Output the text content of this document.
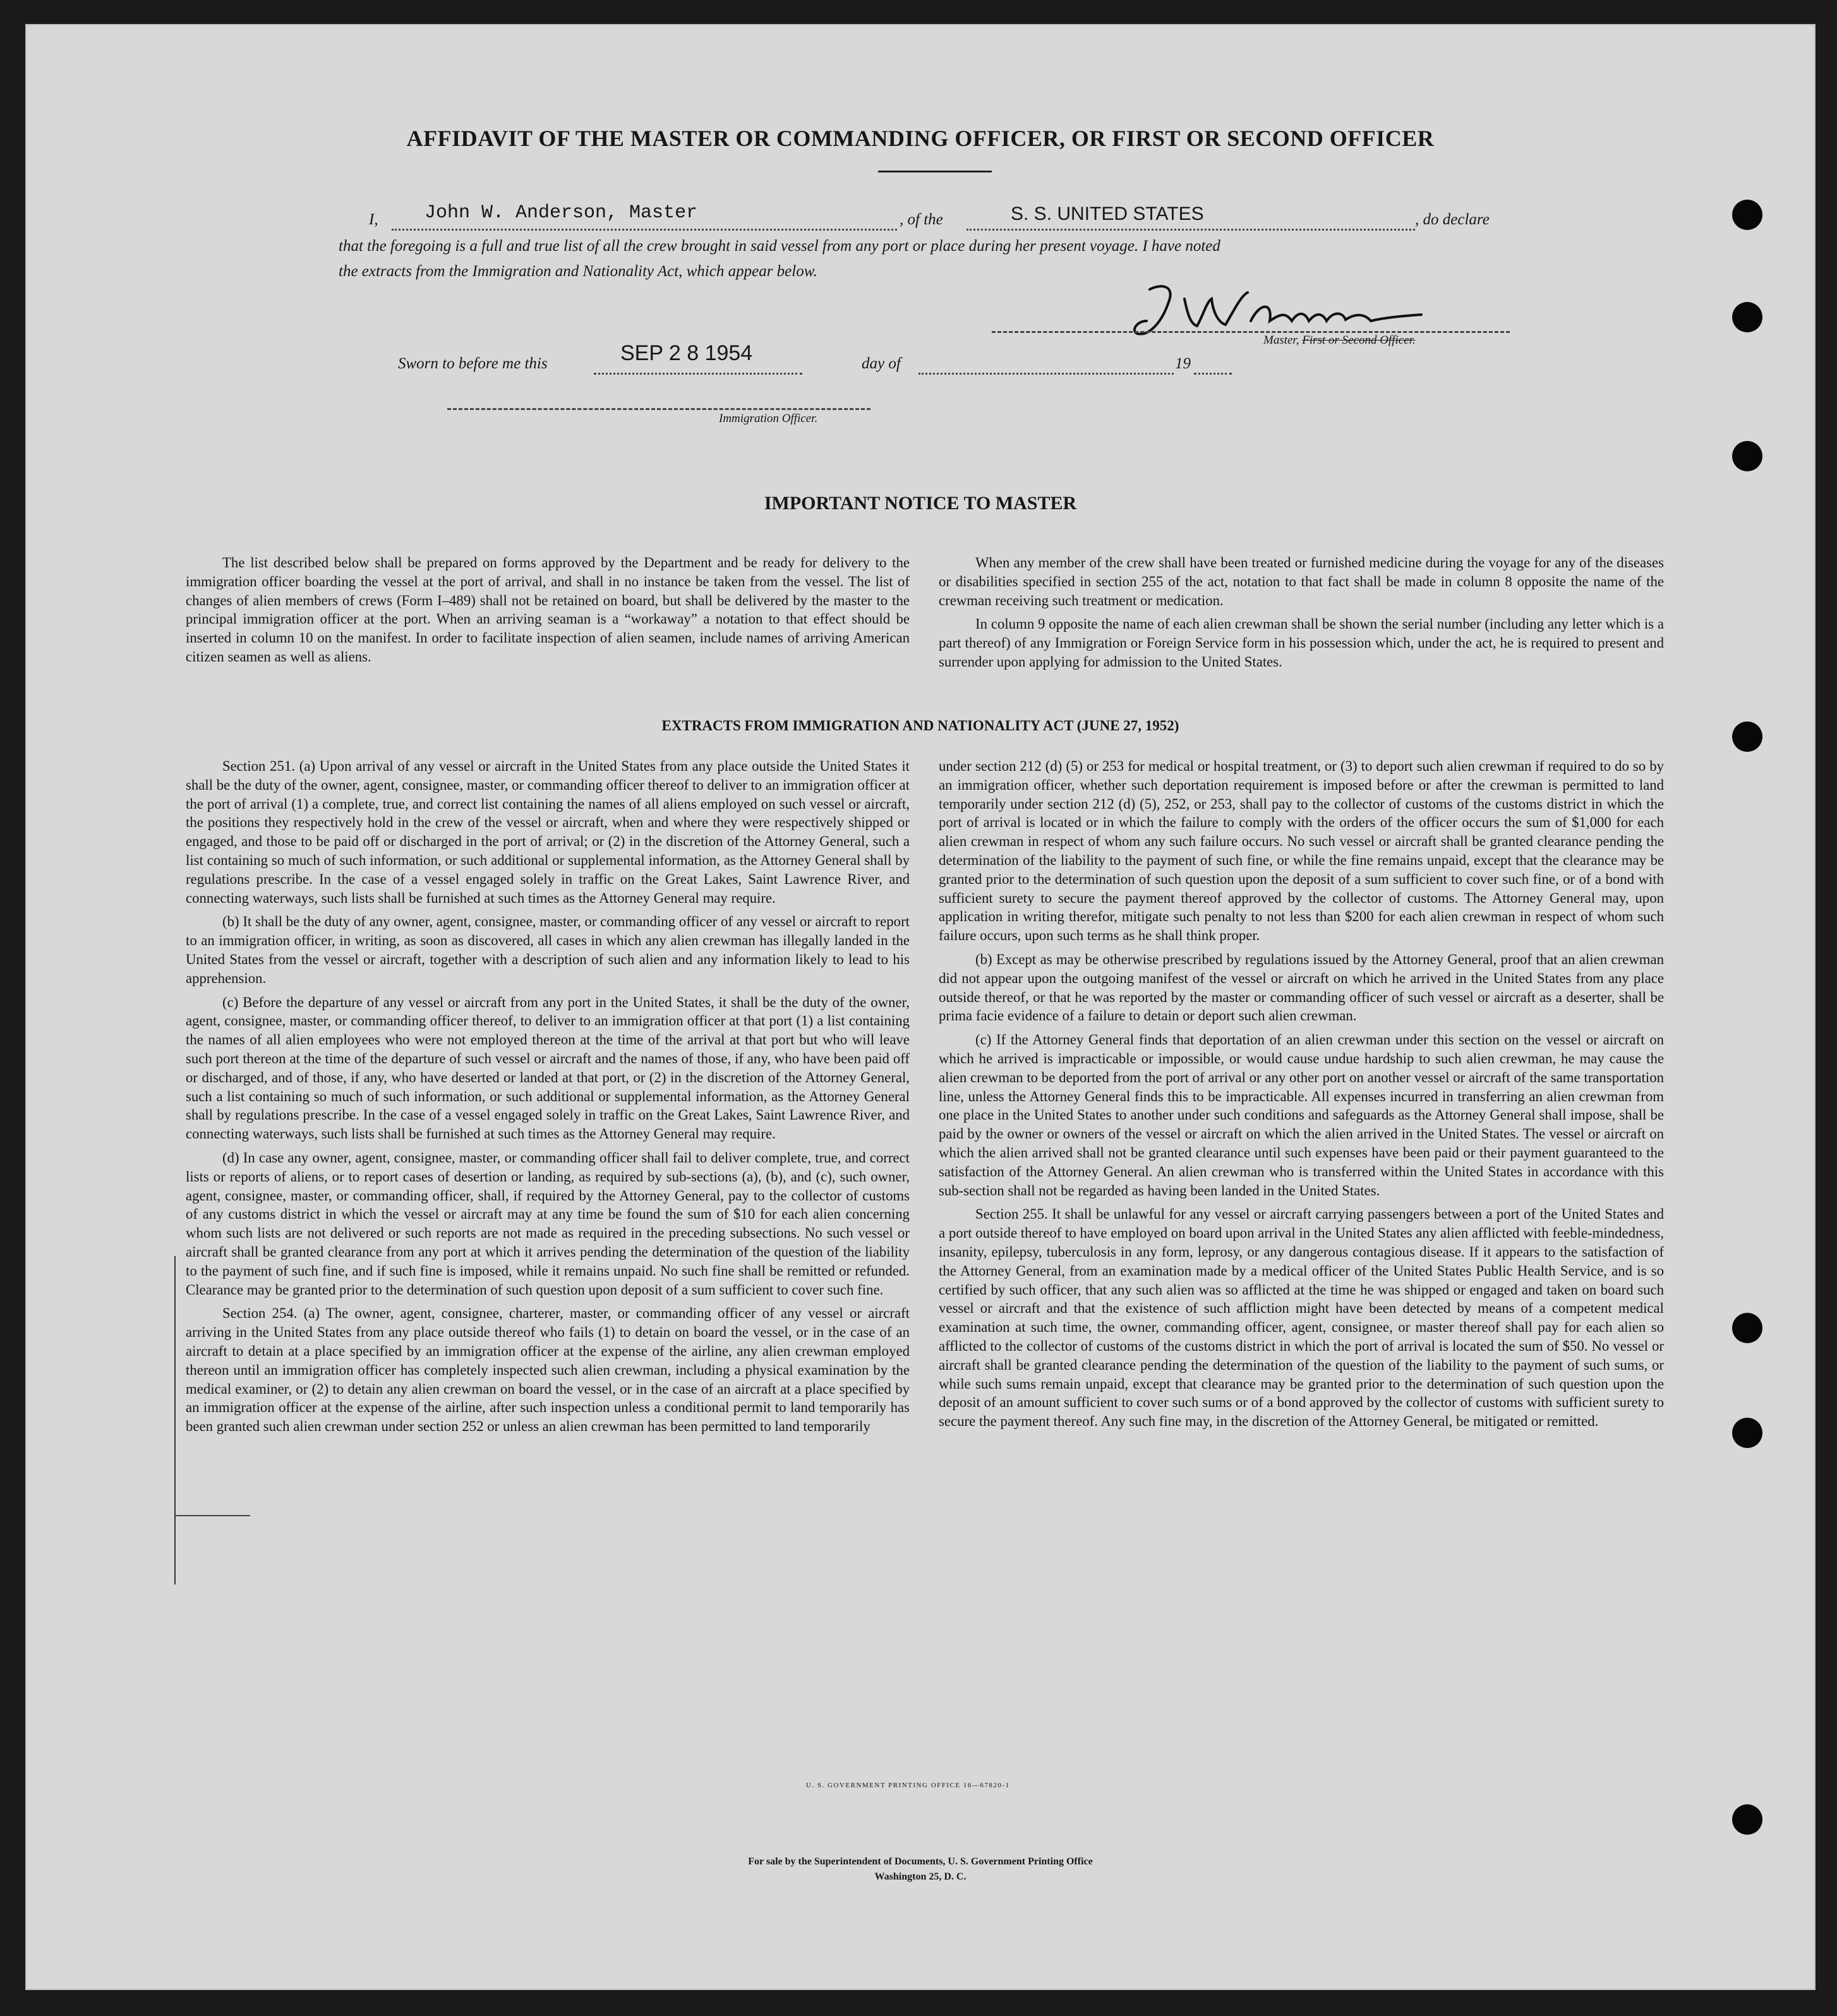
AFFIDAVIT OF THE MASTER OR COMMANDING OFFICER, OR FIRST OR SECOND OFFICER
I, John W. Anderson, Master	, of the	S. S. UNITED STATES	, do declare
that the foregoing is a full and true list of all the crew brought in said vessel from any port or place during her present voyage. I have noted
the extracts from the Immigration and Nationality Act, which appear below.
Master, First or Second Officer.
Sworn to before me this	SEP 2 8 1954	day of	19
Immigration Officer.
IMPORTANT NOTICE TO MASTER

The list described below shall be prepared on forms approved by the Department and be ready for delivery to the immigration officer boarding the vessel at the port of arrival, and shall in no instance be taken from the vessel. The list of changes of alien members of crews (Form I–489) shall not be retained on board, but shall be delivered by the master to the principal immigration officer at the port. When an arriving seaman is a “workaway” a notation to that effect should be inserted in column 10 on the manifest. In order to facilitate inspection of alien seamen, include names of arriving American citizen seamen as well as aliens.

When any member of the crew shall have been treated or furnished medicine during the voyage for any of the diseases or disabilities specified in section 255 of the act, notation to that fact shall be made in column 8 opposite the name of the crewman receiving such treatment or medication.

In column 9 opposite the name of each alien crewman shall be shown the serial number (including any letter which is a part thereof) of any Immigration or Foreign Service form in his possession which, under the act, he is required to present and surrender upon applying for admission to the United States.

EXTRACTS FROM IMMIGRATION AND NATIONALITY ACT (JUNE 27, 1952)

Section 251. (a) Upon arrival of any vessel or aircraft in the United States from any place outside the United States it shall be the duty of the owner, agent, consignee, master, or commanding officer thereof to deliver to an immigration officer at the port of arrival (1) a complete, true, and correct list containing the names of all aliens employed on such vessel or aircraft, the positions they respectively hold in the crew of the vessel or aircraft, when and where they were respectively shipped or engaged, and those to be paid off or discharged in the port of arrival; or (2) in the discretion of the Attorney General, such a list containing so much of such information, or such additional or supplemental information, as the Attorney General shall by regulations prescribe. In the case of a vessel engaged solely in traffic on the Great Lakes, Saint Lawrence River, and connecting waterways, such lists shall be furnished at such times as the Attorney General may require.

(b) It shall be the duty of any owner, agent, consignee, master, or commanding officer of any vessel or aircraft to report to an immigration officer, in writing, as soon as discovered, all cases in which any alien crewman has illegally landed in the United States from the vessel or aircraft, together with a description of such alien and any information likely to lead to his apprehension.

(c) Before the departure of any vessel or aircraft from any port in the United States, it shall be the duty of the owner, agent, consignee, master, or commanding officer thereof, to deliver to an immigration officer at that port (1) a list containing the names of all alien employees who were not employed thereon at the time of the arrival at that port but who will leave such port thereon at the time of the departure of such vessel or aircraft and the names of those, if any, who have been paid off or discharged, and of those, if any, who have deserted or landed at that port, or (2) in the discretion of the Attorney General, such a list containing so much of such information, or such additional or supplemental information, as the Attorney General shall by regulations prescribe. In the case of a vessel engaged solely in traffic on the Great Lakes, Saint Lawrence River, and connecting waterways, such lists shall be furnished at such times as the Attorney General may require.

(d) In case any owner, agent, consignee, master, or commanding officer shall fail to deliver complete, true, and correct lists or reports of aliens, or to report cases of desertion or landing, as required by sub-sections (a), (b), and (c), such owner, agent, consignee, master, or commanding officer, shall, if required by the Attorney General, pay to the collector of customs of any customs district in which the vessel or aircraft may at any time be found the sum of $10 for each alien concerning whom such lists are not delivered or such reports are not made as required in the preceding subsections. No such vessel or aircraft shall be granted clearance from any port at which it arrives pending the determination of the question of the liability to the payment of such fine, and if such fine is imposed, while it remains unpaid. No such fine shall be remitted or refunded. Clearance may be granted prior to the determination of such question upon deposit of a sum sufficient to cover such fine.

Section 254. (a) The owner, agent, consignee, charterer, master, or commanding officer of any vessel or aircraft arriving in the United States from any place outside thereof who fails (1) to detain on board the vessel, or in the case of an aircraft to detain at a place specified by an immigration officer at the expense of the airline, any alien crewman employed thereon until an immigration officer has completely inspected such alien crewman, including a physical examination by the medical examiner, or (2) to detain any alien crewman on board the vessel, or in the case of an aircraft at a place specified by an immigration officer at the expense of the airline, after such inspection unless a conditional permit to land temporarily has been granted such alien crewman under section 252 or unless an alien crewman has been permitted to land temporarily

under section 212 (d) (5) or 253 for medical or hospital treatment, or (3) to deport such alien crewman if required to do so by an immigration officer, whether such deportation requirement is imposed before or after the crewman is permitted to land temporarily under section 212 (d) (5), 252, or 253, shall pay to the collector of customs of the customs district in which the port of arrival is located or in which the failure to comply with the orders of the officer occurs the sum of $1,000 for each alien crewman in respect of whom any such failure occurs. No such vessel or aircraft shall be granted clearance pending the determination of the liability to the payment of such fine, or while the fine remains unpaid, except that the clearance may be granted prior to the determination of such question upon the deposit of a sum sufficient to cover such fine, or of a bond with sufficient surety to secure the payment thereof approved by the collector of customs. The Attorney General may, upon application in writing therefor, mitigate such penalty to not less than $200 for each alien crewman in respect of whom such failure occurs, upon such terms as he shall think proper.

(b) Except as may be otherwise prescribed by regulations issued by the Attorney General, proof that an alien crewman did not appear upon the outgoing manifest of the vessel or aircraft on which he arrived in the United States from any place outside thereof, or that he was reported by the master or commanding officer of such vessel or aircraft as a deserter, shall be prima facie evidence of a failure to detain or deport such alien crewman.

(c) If the Attorney General finds that deportation of an alien crewman under this section on the vessel or aircraft on which he arrived is impracticable or impossible, or would cause undue hardship to such alien crewman, he may cause the alien crewman to be deported from the port of arrival or any other port on another vessel or aircraft of the same transportation line, unless the Attorney General finds this to be impracticable. All expenses incurred in transferring an alien crewman from one place in the United States to another under such conditions and safeguards as the Attorney General shall impose, shall be paid by the owner or owners of the vessel or aircraft on which the alien arrived in the United States. The vessel or aircraft on which the alien arrived shall not be granted clearance until such expenses have been paid or their payment guaranteed to the satisfaction of the Attorney General. An alien crewman who is transferred within the United States in accordance with this sub-section shall not be regarded as having been landed in the United States.

Section 255. It shall be unlawful for any vessel or aircraft carrying passengers between a port of the United States and a port outside thereof to have employed on board upon arrival in the United States any alien afflicted with feeble-mindedness, insanity, epilepsy, tuberculosis in any form, leprosy, or any dangerous contagious disease. If it appears to the satisfaction of the Attorney General, from an examination made by a medical officer of the United States Public Health Service, and is so certified by such officer, that any such alien was so afflicted at the time he was shipped or engaged and taken on board such vessel or aircraft and that the existence of such affliction might have been detected by means of a competent medical examination at such time, the owner, commanding officer, agent, consignee, or master thereof shall pay for each alien so afflicted to the collector of customs of the customs district in which the port of arrival is located the sum of $50. No vessel or aircraft shall be granted clearance pending the determination of the question of the liability to the payment of such sums, or while such sums remain unpaid, except that clearance may be granted prior to the determination of such question upon the deposit of an amount sufficient to cover such sums or of a bond approved by the collector of customs with sufficient surety to secure the payment thereof. Any such fine may, in the discretion of the Attorney General, be mitigated or remitted.

U. S. GOVERNMENT PRINTING OFFICE 16—67820-1
For sale by the Superintendent of Documents, U. S. Government Printing Office
Washington 25, D. C.
